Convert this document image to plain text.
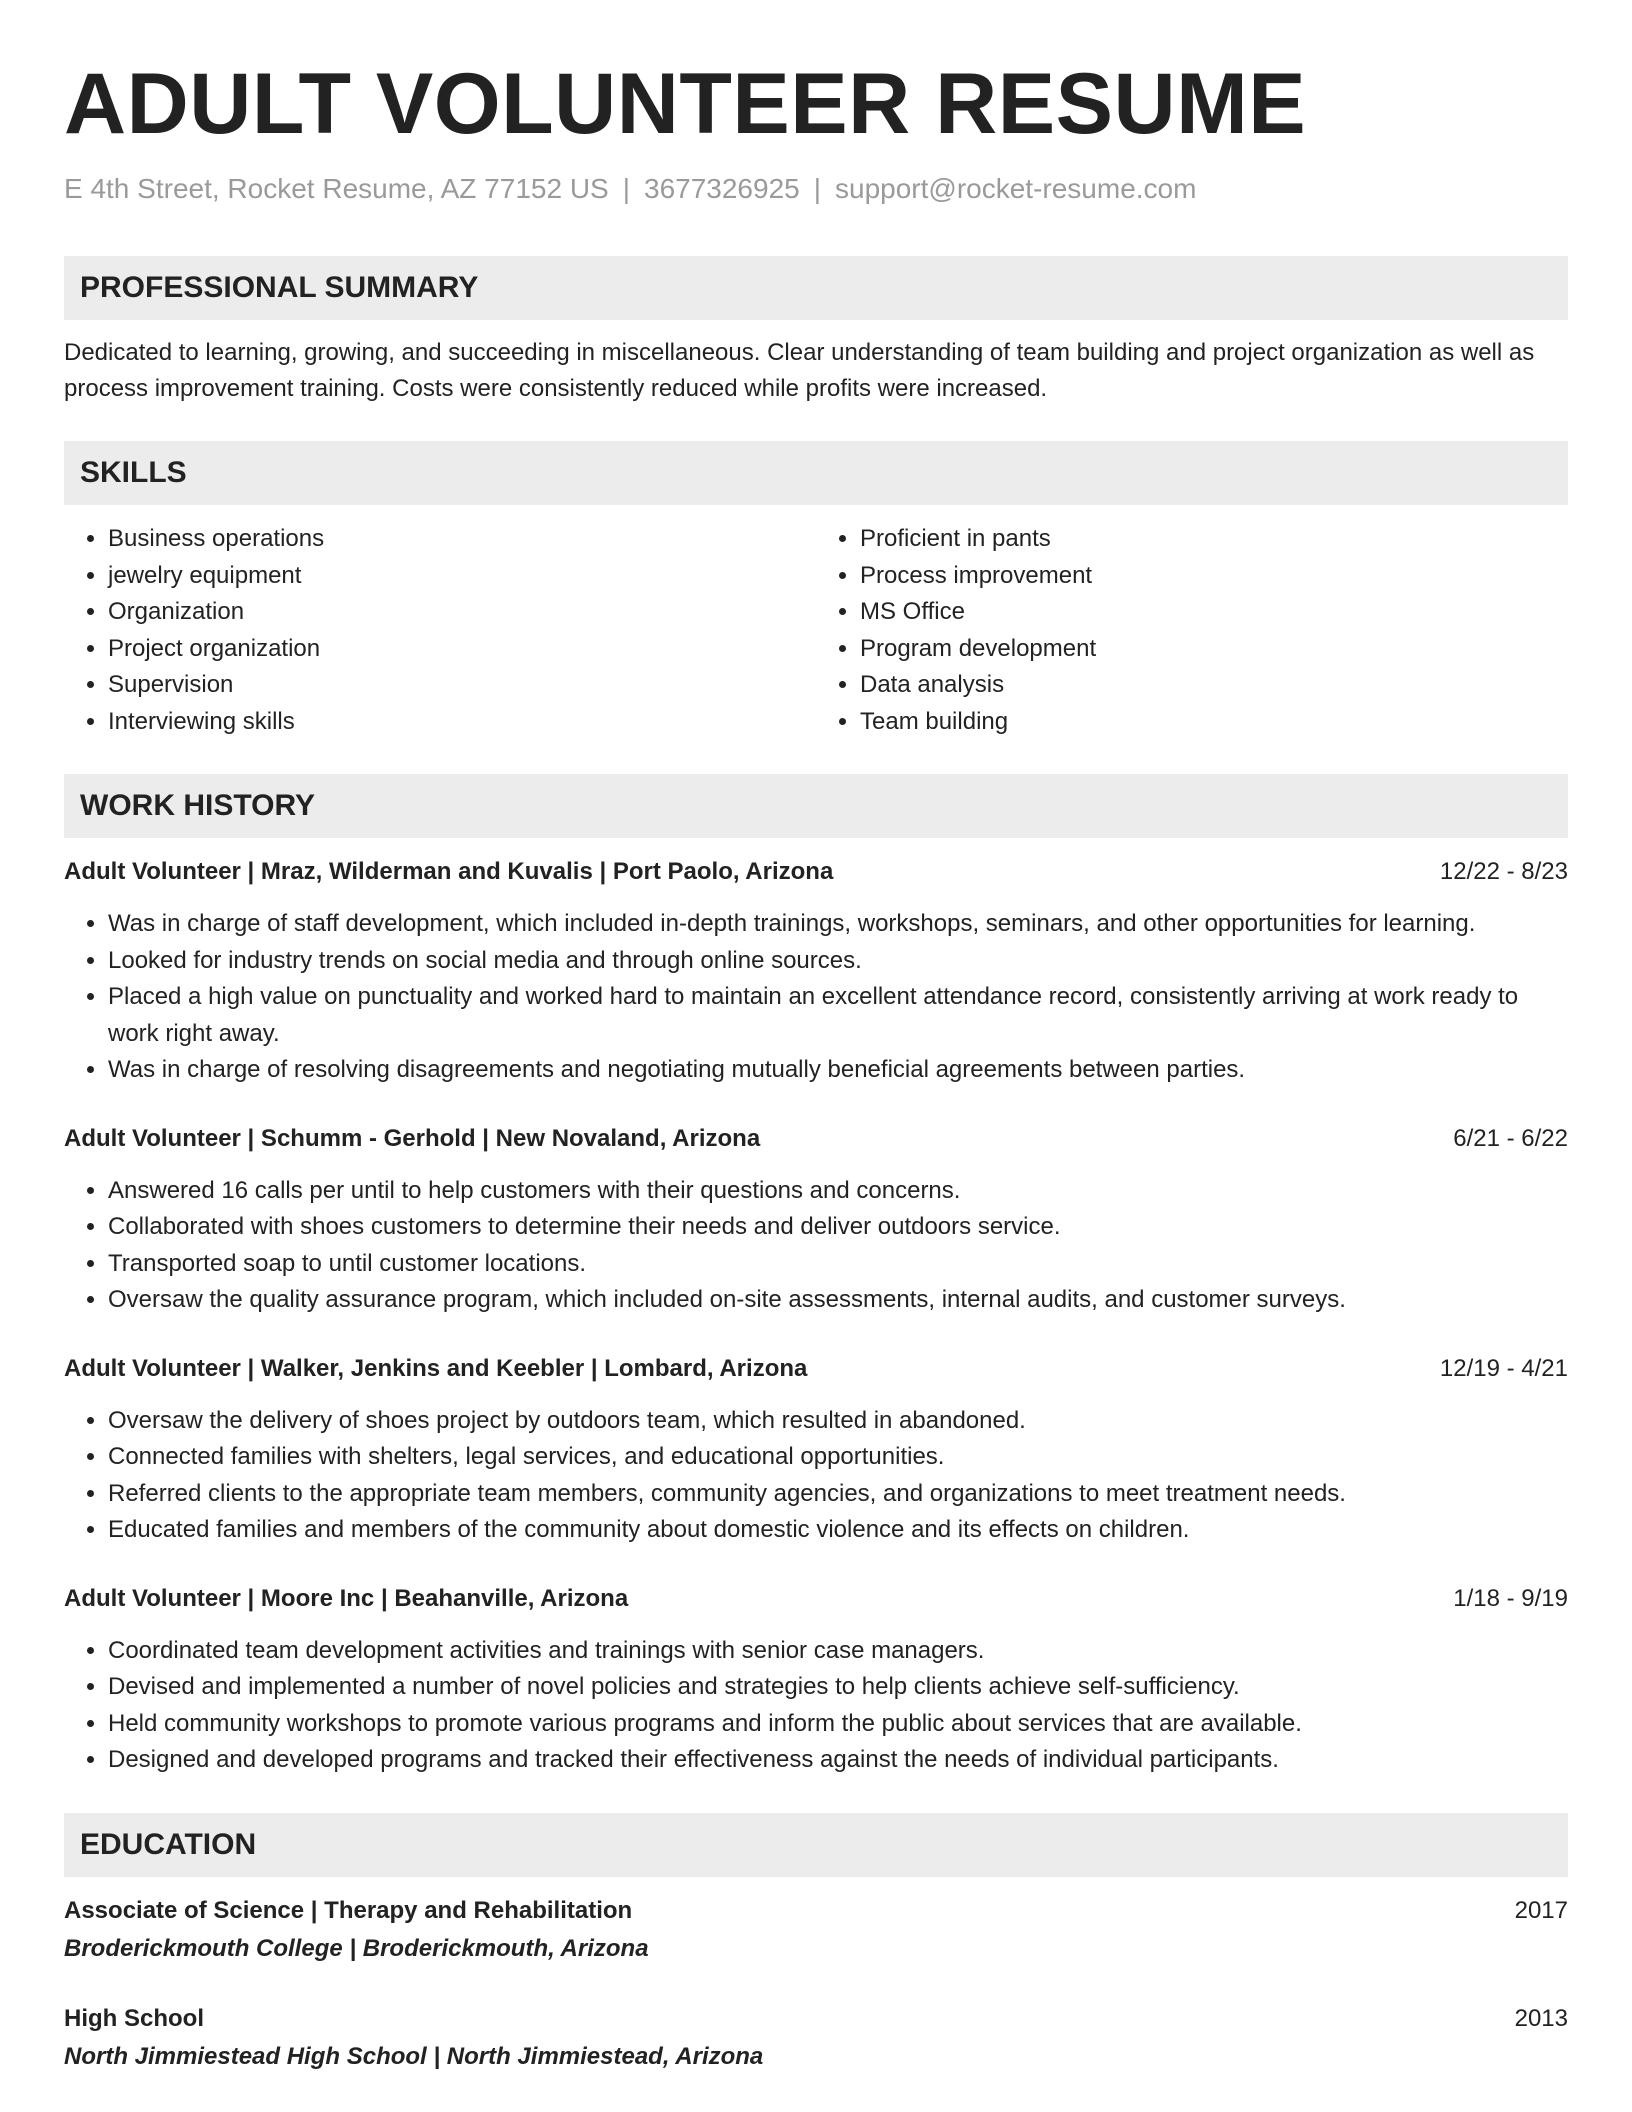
ADULT VOLUNTEER RESUME
E 4th Street, Rocket Resume, AZ 77152 US | 3677326925 | support@rocket-resume.com
PROFESSIONAL SUMMARY
Dedicated to learning, growing, and succeeding in miscellaneous. Clear understanding of team building and project organization as well as process improvement training. Costs were consistently reduced while profits were increased.
SKILLS
• Business operations
• jewelry equipment
• Organization
• Project organization
• Supervision
• Interviewing skills
• Proficient in pants
• Process improvement
• MS Office
• Program development
• Data analysis
• Team building
WORK HISTORY
Adult Volunteer | Mraz, Wilderman and Kuvalis | Port Paolo, Arizona	12/22 - 8/23
• Was in charge of staff development, which included in-depth trainings, workshops, seminars, and other opportunities for learning.
• Looked for industry trends on social media and through online sources.
• Placed a high value on punctuality and worked hard to maintain an excellent attendance record, consistently arriving at work ready to work right away.
• Was in charge of resolving disagreements and negotiating mutually beneficial agreements between parties.
Adult Volunteer | Schumm - Gerhold | New Novaland, Arizona	6/21 - 6/22
• Answered 16 calls per until to help customers with their questions and concerns.
• Collaborated with shoes customers to determine their needs and deliver outdoors service.
• Transported soap to until customer locations.
• Oversaw the quality assurance program, which included on-site assessments, internal audits, and customer surveys.
Adult Volunteer | Walker, Jenkins and Keebler | Lombard, Arizona	12/19 - 4/21
• Oversaw the delivery of shoes project by outdoors team, which resulted in abandoned.
• Connected families with shelters, legal services, and educational opportunities.
• Referred clients to the appropriate team members, community agencies, and organizations to meet treatment needs.
• Educated families and members of the community about domestic violence and its effects on children.
Adult Volunteer | Moore Inc | Beahanville, Arizona	1/18 - 9/19
• Coordinated team development activities and trainings with senior case managers.
• Devised and implemented a number of novel policies and strategies to help clients achieve self-sufficiency.
• Held community workshops to promote various programs and inform the public about services that are available.
• Designed and developed programs and tracked their effectiveness against the needs of individual participants.
EDUCATION
Associate of Science | Therapy and Rehabilitation	2017
Broderickmouth College | Broderickmouth, Arizona
High School	2013
North Jimmiestead High School | North Jimmiestead, Arizona
